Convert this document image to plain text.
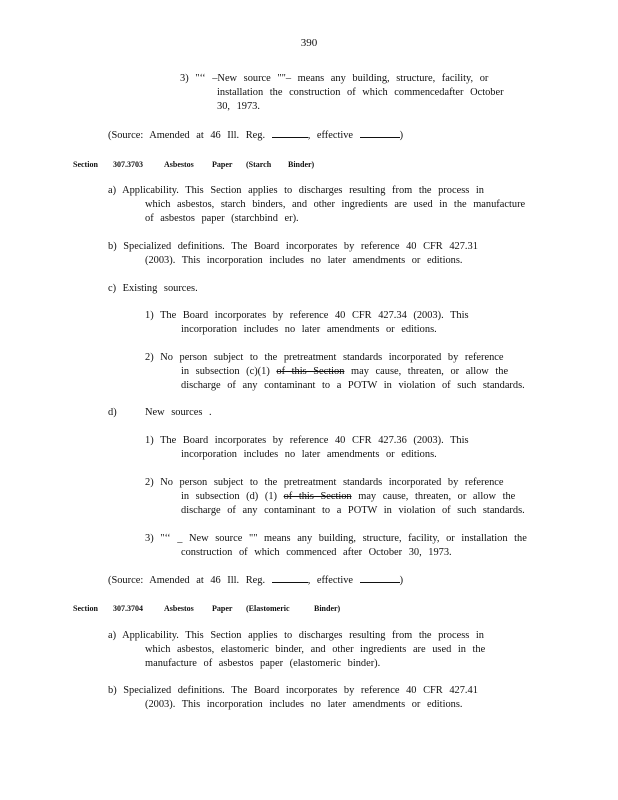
390
3) "‘‘ –New source ""– means any building, structure, facility, or
installation the construction of which commencedafter October
30, 1973.
(Source: Amended at 46 Ill. Reg.	, effective	)
Section 307.3703	Asbestos Paper (Starch Binder)
a) Applicability. This Section applies to discharges resulting from the process in
which asbestos, starch binders, and other ingredients are used in the manufacture
of asbestos paper (starchbind er).
b) Specialized definitions. The Board incorporates by reference 40 CFR 427.31
(2003). This incorporation includes no later amendments or editions.
c) Existing sources.
1) The Board incorporates by reference 40 CFR 427.34 (2003). This
incorporation includes no later amendments or editions.
2) No person subject to the pretreatment standards incorporated by reference
in subsection (c)(1) of this Section may cause, threaten, or allow the
discharge of any contaminant to a POTW in violation of such standards.
d)	New sources .
1) The Board incorporates by reference 40 CFR 427.36 (2003). This
incorporation includes no later amendments or editions.
2) No person subject to the pretreatment standards incorporated by reference
in subsection (d) (1) of this Section may cause, threaten, or allow the
discharge of any contaminant to a POTW in violation of such standards.
3) "‘‘ _ New source "" means any building, structure, facility, or installation the
construction of which commenced after October 30, 1973.
(Source: Amended at 46 Ill. Reg.	, effective	)
Section 307.3704	Asbestos Paper (Elastomeric	Binder)
a) Applicability. This Section applies to discharges resulting from the process in
which asbestos, elastomeric binder, and other ingredients are used in the
manufacture of asbestos paper (elastomeric binder).
b) Specialized definitions. The Board incorporates by reference 40 CFR 427.41
(2003). This incorporation includes no later amendments or editions.
